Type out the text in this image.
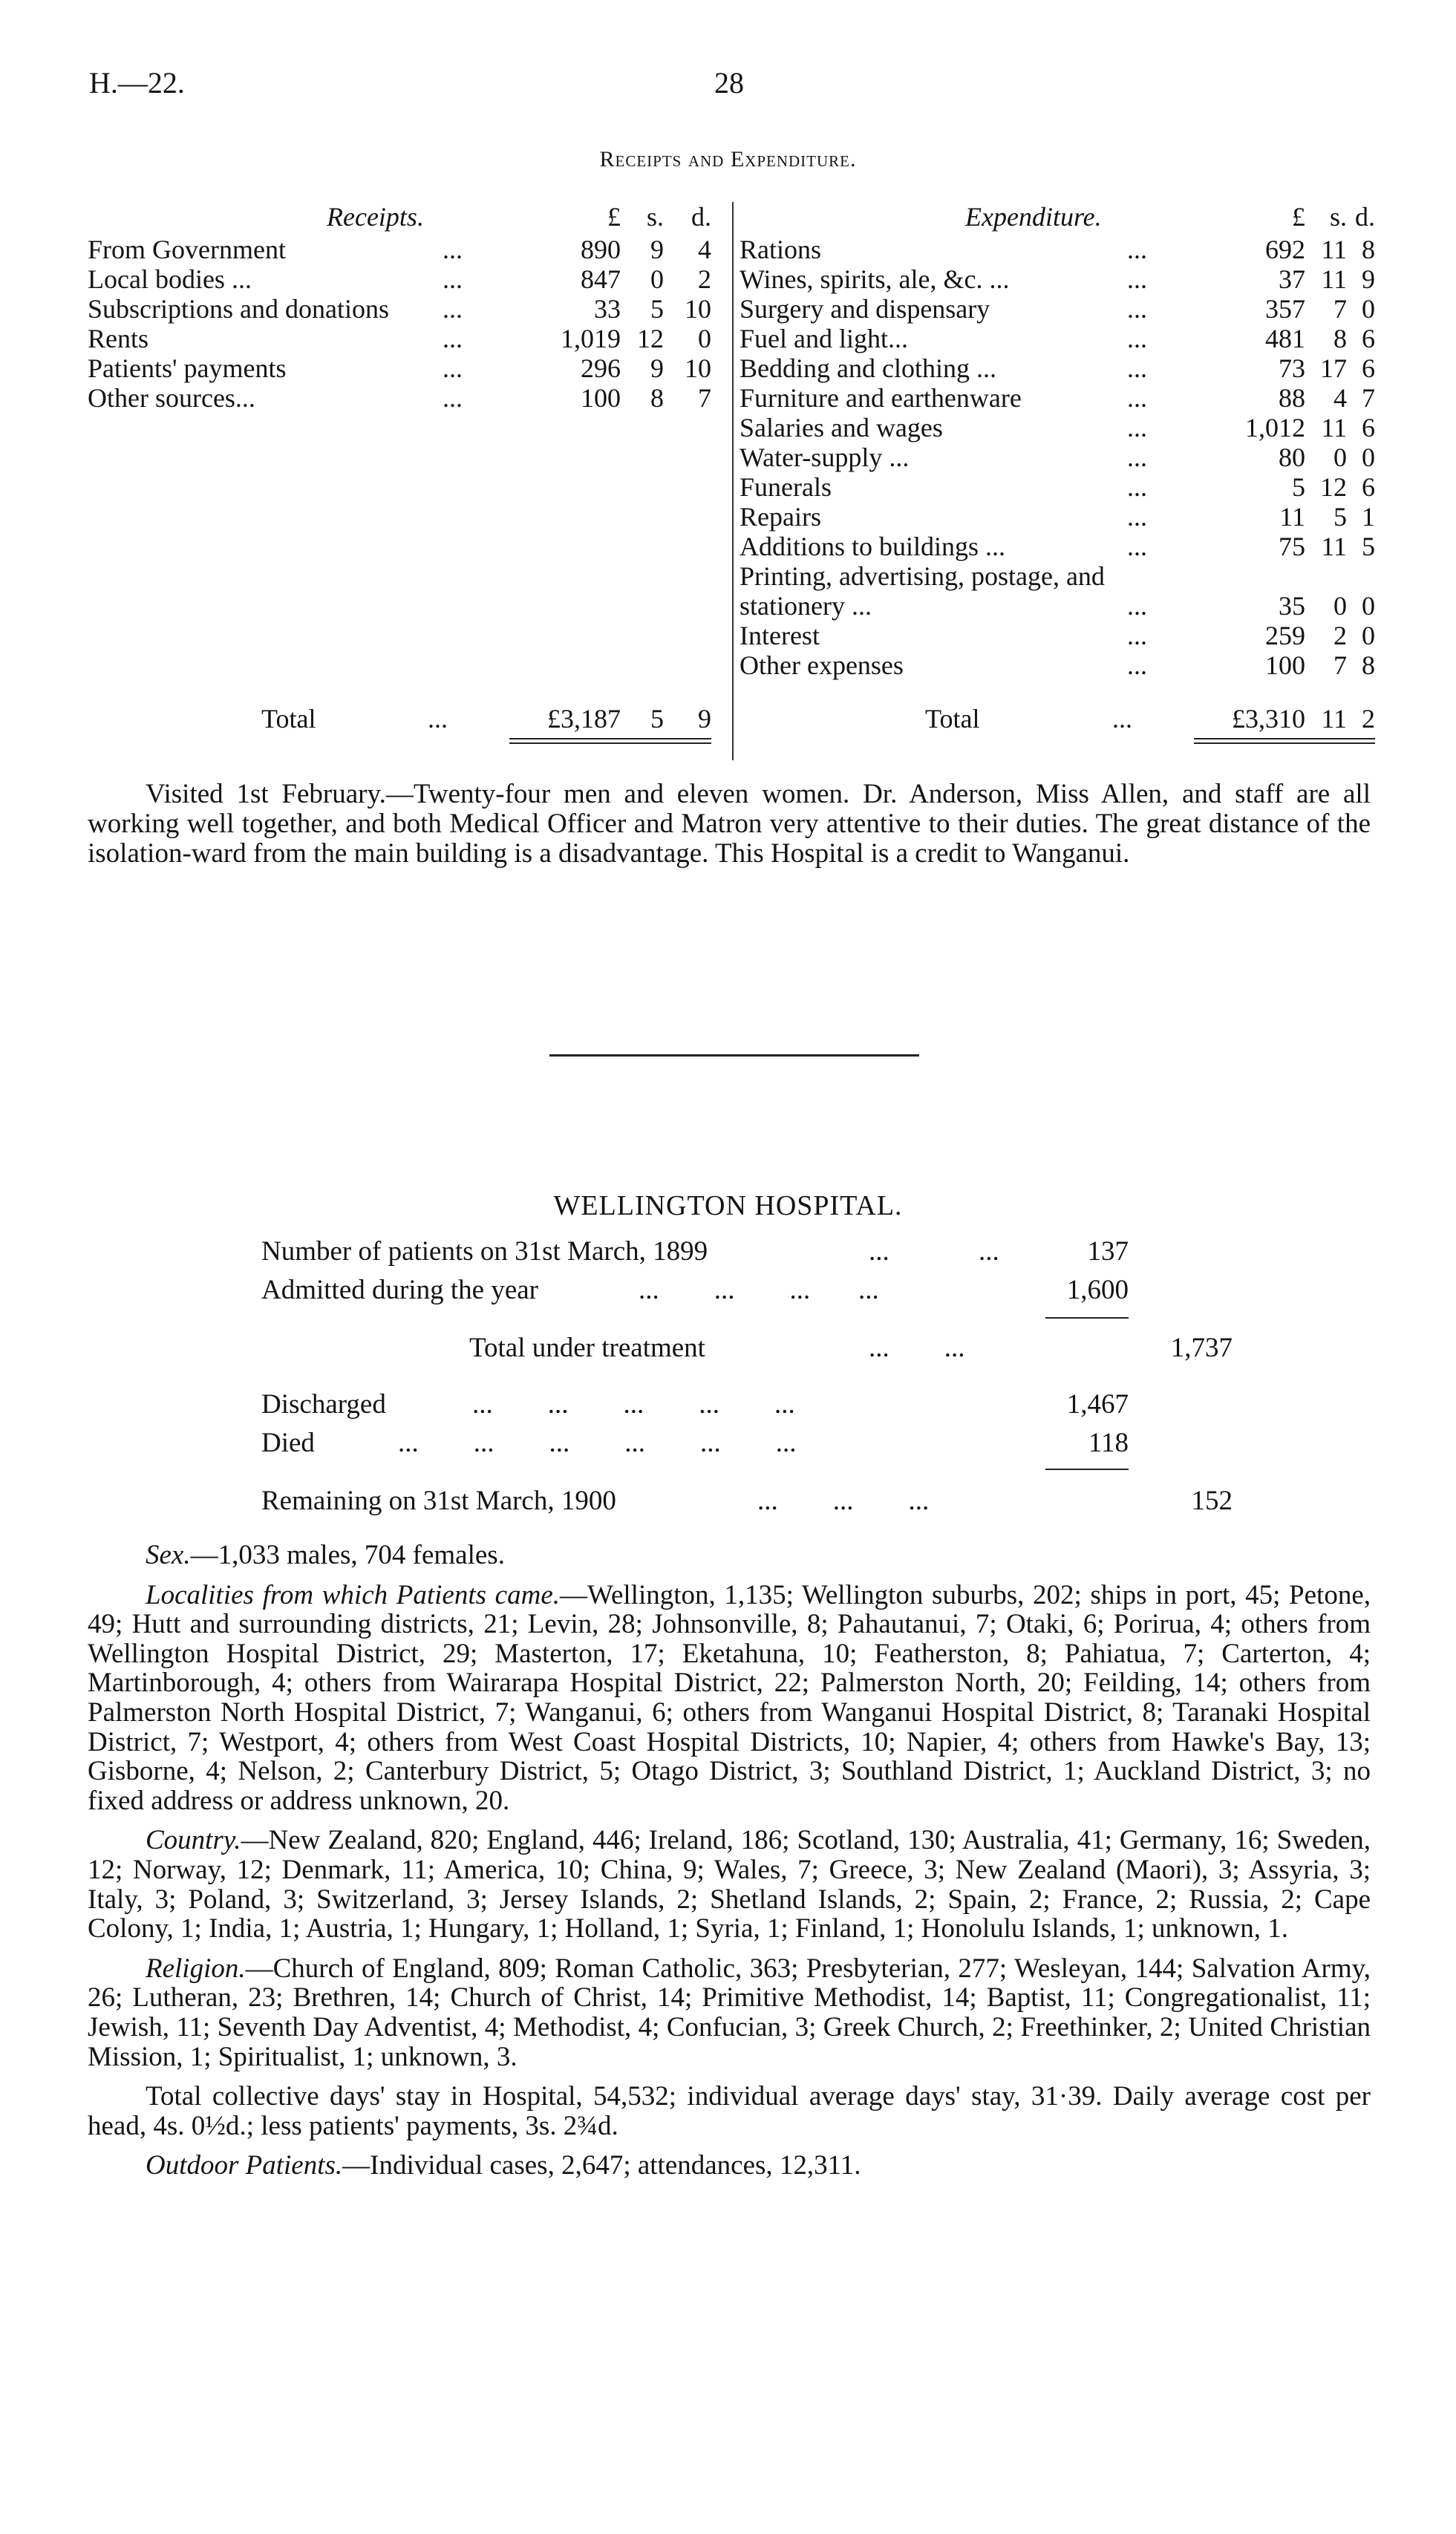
H.—22.	28
Receipts and Expenditure.
Receipts.	£ s.	d.
From Government	...	890	9	4
Local bodies ...	...	847	0	2
Subscriptions and donations ...	33	5 10
Rents	...	1,019 12	0
Patients' payments	...	296	9 10
Other sources...	...	100	8	7
Total	...	£3,187	5	9
Expenditure.	£ s. d.
Rations	...	692 11 8
Wines, spirits, ale, &c. ...	...	37 11 9
Surgery and dispensary	...	357	7 0
Fuel and light...	...	481	8 6
Bedding and clothing ...	...	73 17 6
Furniture and earthenware	...	88	4 7
Salaries and wages	...	1,012 11 6
Water-supply ...	...	80	0 0
Funerals	...	5 12 6
Repairs	...	11	5 1
Additions to buildings ...	...	75 11 5
Printing, advertising, postage, and
stationery ...	...	35	0 0
Interest	...	259	2 0
Other expenses	...	100	7 8
Total	...	£3,310 11 2

Visited 1st February.—Twenty-four men and eleven women. Dr. Anderson, Miss Allen, and staff are all working well together, and both Medical Officer and Matron very attentive to their duties. The great distance of the isolation-ward from the main building is a disadvantage. This Hospital is a credit to Wanganui.

WELLINGTON HOSPITAL.
Number of patients on 31st March, 1899	...		...	137
Admitted during the year	...        ...        ...       ...	1,600
Total under treatment	...        ...	1,737
Discharged	...        ...        ...        ...        ...	1,467
Died	...        ...        ...        ...        ...        ...	118
Remaining on 31st March, 1900	...        ...        ...	152

Sex.—1,033 males, 704 females.

Localities from which Patients came.—Wellington, 1,135; Wellington suburbs, 202; ships in port, 45; Petone, 49; Hutt and surrounding districts, 21; Levin, 28; Johnsonville, 8; Pahautanui, 7; Otaki, 6; Porirua, 4; others from Wellington Hospital District, 29; Masterton, 17; Eketahuna, 10; Featherston, 8; Pahiatua, 7; Carterton, 4; Martinborough, 4; others from Wairarapa Hospital District, 22; Palmerston North, 20; Feilding, 14; others from Palmerston North Hospital District, 7; Wanganui, 6; others from Wanganui Hospital District, 8; Taranaki Hospital District, 7; Westport, 4; others from West Coast Hospital Districts, 10; Napier, 4; others from Hawke's Bay, 13; Gisborne, 4; Nelson, 2; Canterbury District, 5; Otago District, 3; Southland District, 1; Auckland District, 3; no fixed address or address unknown, 20.

Country.—New Zealand, 820; England, 446; Ireland, 186; Scotland, 130; Australia, 41; Germany, 16; Sweden, 12; Norway, 12; Denmark, 11; America, 10; China, 9; Wales, 7; Greece, 3; New Zealand (Maori), 3; Assyria, 3; Italy, 3; Poland, 3; Switzerland, 3; Jersey Islands, 2; Shetland Islands, 2; Spain, 2; France, 2; Russia, 2; Cape Colony, 1; India, 1; Austria, 1; Hungary, 1; Holland, 1; Syria, 1; Finland, 1; Honolulu Islands, 1; unknown, 1.

Religion.—Church of England, 809; Roman Catholic, 363; Presbyterian, 277; Wesleyan, 144; Salvation Army, 26; Lutheran, 23; Brethren, 14; Church of Christ, 14; Primitive Methodist, 14; Baptist, 11; Congregationalist, 11; Jewish, 11; Seventh Day Adventist, 4; Methodist, 4; Confucian, 3; Greek Church, 2; Freethinker, 2; United Christian Mission, 1; Spiritualist, 1; unknown, 3.

Total collective days' stay in Hospital, 54,532; individual average days' stay, 31·39. Daily average cost per head, 4s. 0½d.; less patients' payments, 3s. 2¾d.

Outdoor Patients.—Individual cases, 2,647; attendances, 12,311.
